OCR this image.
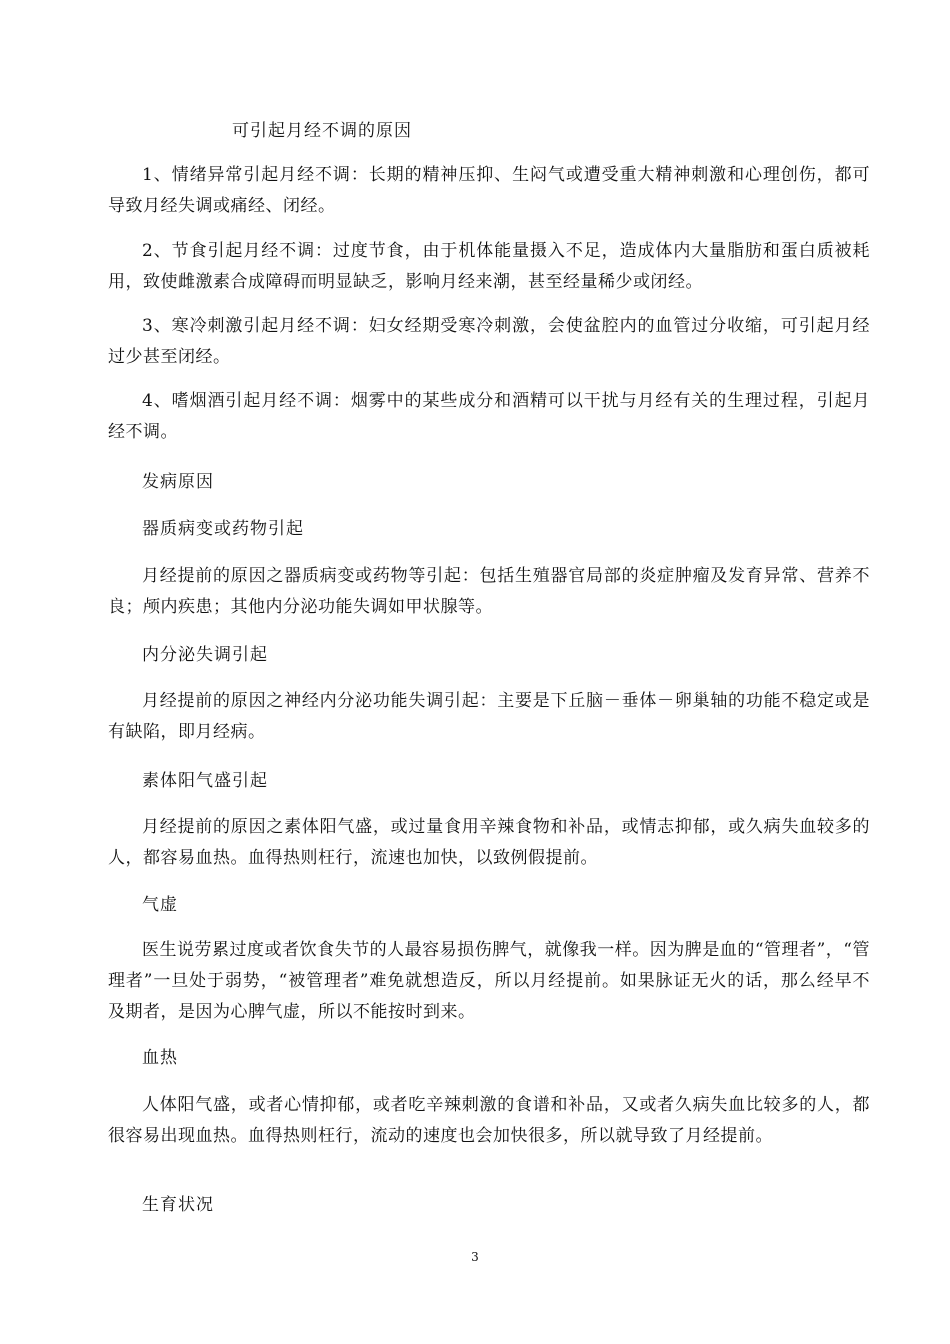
可引起月经不调的原因
1、情绪异常引起月经不调：长期的精神压抑、生闷气或遭受重大精神刺激和心理创伤，都可导致月经失调或痛经、闭经。
2、节食引起月经不调：过度节食，由于机体能量摄入不足，造成体内大量脂肪和蛋白质被耗用，致使雌激素合成障碍而明显缺乏，影响月经来潮，甚至经量稀少或闭经。
3、寒冷刺激引起月经不调：妇女经期受寒冷刺激，会使盆腔内的血管过分收缩，可引起月经过少甚至闭经。
4、嗜烟酒引起月经不调：烟雾中的某些成分和酒精可以干扰与月经有关的生理过程，引起月经不调。
发病原因
器质病变或药物引起
月经提前的原因之器质病变或药物等引起：包括生殖器官局部的炎症肿瘤及发育异常、营养不良；颅内疾患；其他内分泌功能失调如甲状腺等。
内分泌失调引起
月经提前的原因之神经内分泌功能失调引起：主要是下丘脑－垂体－卵巢轴的功能不稳定或是有缺陷，即月经病。
素体阳气盛引起
月经提前的原因之素体阳气盛，或过量食用辛辣食物和补品，或情志抑郁，或久病失血较多的人，都容易血热。血得热则枉行，流速也加快，以致例假提前。
气虚
医生说劳累过度或者饮食失节的人最容易损伤脾气，就像我一样。因为脾是血的“管理者”，“管理者”一旦处于弱势，“被管理者”难免就想造反，所以月经提前。如果脉证无火的话，那么经早不及期者，是因为心脾气虚，所以不能按时到来。
血热
人体阳气盛，或者心情抑郁，或者吃辛辣刺激的食谱和补品，又或者久病失血比较多的人，都很容易出现血热。血得热则枉行，流动的速度也会加快很多，所以就导致了月经提前。
生育状况
3
